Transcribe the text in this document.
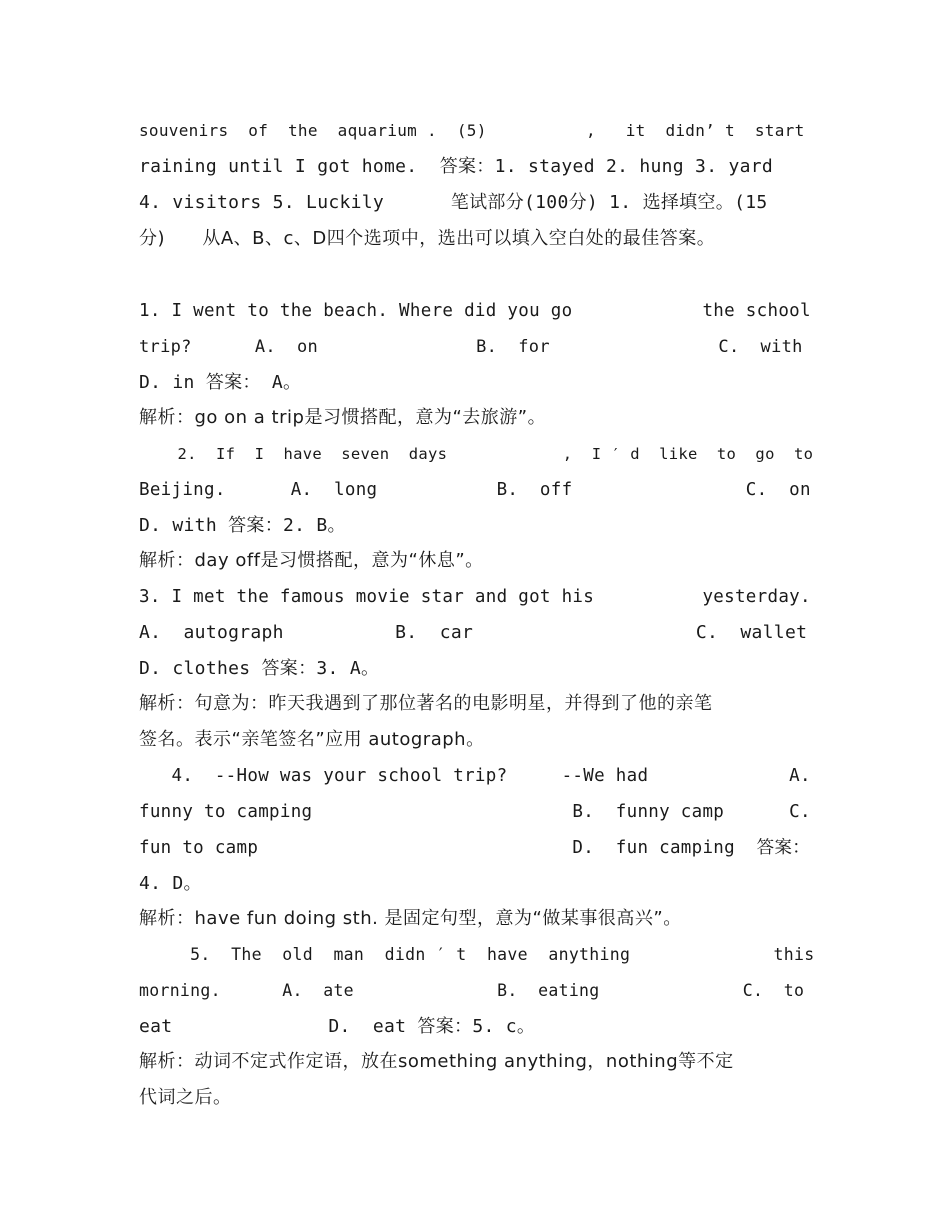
souvenirs  of  the  aquarium .  (5)          ,   it  didn’ t  start
raining until I got home.  答案：1. stayed 2. hung 3. yard
4. visitors 5. Luckily      笔试部分(100分) 1. 选择填空。(15
分)      从A、B、c、D四个选项中，选出可以填入空白处的最佳答案。
1. I went to the beach. Where did you go            the school
trip?      A.  on               B.  for                C.  with
D. in 答案： A。
解析：go on a trip是习惯搭配，意为“去旅游”。
2.  If  I  have  seven  days            ,  I ′ d  like  to  go  to
Beijing.      A.  long           B.  off                C.  on
D. with 答案：2. B。
解析：day off是习惯搭配，意为“休息”。
3. I met the famous movie star and got his          yesterday.
A.  autograph          B.  car                    C.  wallet
D. clothes 答案：3. A。
解析：句意为：昨天我遇到了那位著名的电影明星，并得到了他的亲笔
签名。表示“亲笔签名”应用 autograph。
4.  --How was your school trip?     --We had             A.
funny to camping                        B.  funny camp      C.
fun to camp                             D.  fun camping  答案：
4. D。
解析：have fun doing sth. 是固定句型，意为“做某事很高兴”。
5.  The  old  man  didn ′ t  have  anything              this
morning.      A.  ate              B.  eating              C.  to
eat              D.  eat 答案：5. c。
解析：动词不定式作定语，放在something anything，nothing等不定
代词之后。
